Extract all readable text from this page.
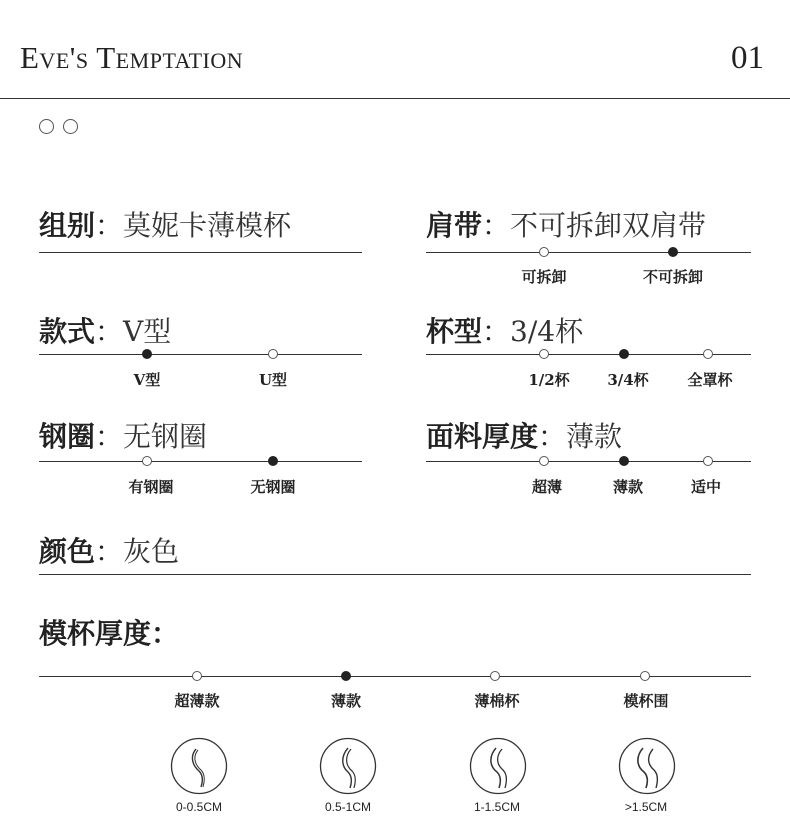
Eve's Temptation	01
组别：莫妮卡薄模杯	肩带：不可拆卸双肩带
可拆卸	不可拆卸
款式：V型
V型	U型
杯型：3/4杯
1/2杯	3/4杯	全罩杯
钢圈：无钢圈
有钢圈	无钢圈
面料厚度：薄款
超薄	薄款	适中
颜色：灰色
模杯厚度：
超薄款	薄款	薄棉杯	模杯围
0-0.5CM	0.5-1CM	1-1.5CM	>1.5CM
